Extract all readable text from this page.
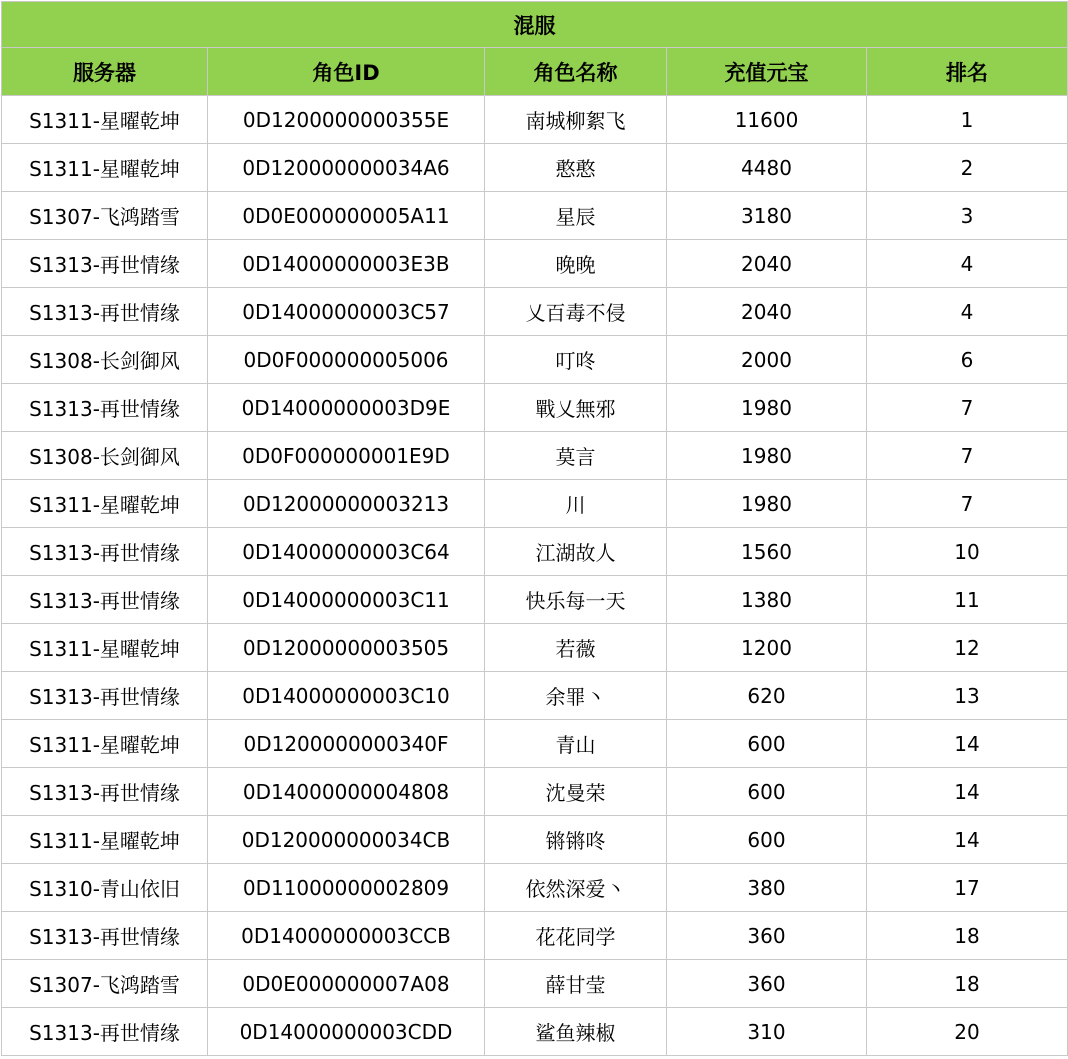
混服				
服务器	角色ID	角色名称	充值元宝	排名
S1311-星曜乾坤	0D1200000000355E	南城柳絮飞	11600	1
S1311-星曜乾坤	0D120000000034A6	憨憨	4480	2
S1307-飞鸿踏雪	0D0E000000005A11	星辰	3180	3
S1313-再世情缘	0D14000000003E3B	晚晚	2040	4
S1313-再世情缘	0D14000000003C57	乂百毒不侵	2040	4
S1308-长剑御风	0D0F000000005006	叮咚	2000	6
S1313-再世情缘	0D14000000003D9E	戰乂無邪	1980	7
S1308-长剑御风	0D0F000000001E9D	莫言	1980	7
S1311-星曜乾坤	0D12000000003213	川	1980	7
S1313-再世情缘	0D14000000003C64	江湖故人	1560	10
S1313-再世情缘	0D14000000003C11	快乐每一天	1380	11
S1311-星曜乾坤	0D12000000003505	若薇	1200	12
S1313-再世情缘	0D14000000003C10	余罪丶	620	13
S1311-星曜乾坤	0D1200000000340F	青山	600	14
S1313-再世情缘	0D14000000004808	沈曼荣	600	14
S1311-星曜乾坤	0D120000000034CB	锵锵咚	600	14
S1310-青山依旧	0D11000000002809	依然深爱丶	380	17
S1313-再世情缘	0D14000000003CCB	花花同学	360	18
S1307-飞鸿踏雪	0D0E000000007A08	薛甘莹	360	18
S1313-再世情缘	0D14000000003CDD	鲨鱼辣椒	310	20
